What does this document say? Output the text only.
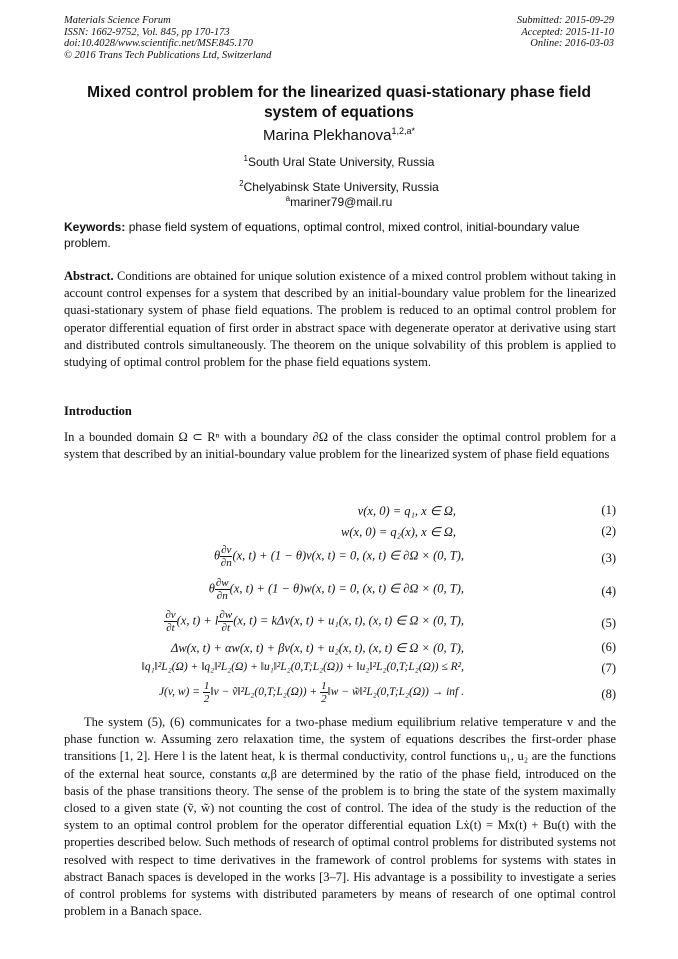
Materials Science Forum
ISSN: 1662-9752, Vol. 845, pp 170-173
doi:10.4028/www.scientific.net/MSF.845.170
© 2016 Trans Tech Publications Ltd, Switzerland
Submitted: 2015-09-29
Accepted: 2015-11-10
Online: 2016-03-03
Mixed control problem for the linearized quasi-stationary phase field system of equations
Marina Plekhanova$^{1,2,a*}$
$^1$South Ural State University, Russia
$^2$Chelyabinsk State University, Russia
$^a$mariner79@mail.ru
Keywords: phase field system of equations, optimal control, mixed control, initial-boundary value problem.
Abstract. Conditions are obtained for unique solution existence of a mixed control problem without taking in account control expenses for a system that described by an initial-boundary value problem for the linearized quasi-stationary system of phase field equations. The problem is reduced to an optimal control problem for operator differential equation of first order in abstract space with degenerate operator at derivative using start and distributed controls simultaneously. The theorem on the unique solvability of this problem is applied to studying of optimal control problem for the phase field equations system.
Introduction
In a bounded domain Ω ⊂ Rⁿ with a boundary ∂Ω of the class consider the optimal control problem for a system that described by an initial-boundary value problem for the linearized system of phase field equations
v(x, 0) = q₁, x ∈ Ω,	(1)
w(x, 0) = q₂(x), x ∈ Ω,	(2)
θ $\frac{\partial v}{\partial n} (x$, t) + (1 − θ)v(x, t) = 0, (x, t) ∈ ∂Ω × (0, T),	(3)
θ $\frac{\partial w}{\partial n} (x$, t) + (1 − θ)w(x, t) = 0, (x, t) ∈ ∂Ω × (0, T),	(4)
$\frac{\partial v}{\partial t} (x$, t) + l $\frac{\partial w}{\partial t} (x$, t) = kΔv(x, t) + u₁(x, t), (x, t) ∈ Ω × (0, T),	(5)
Δw(x, t) + αw(x, t) + βv(x, t) + u₂(x, t), (x, t) ∈ Ω × (0, T),	(6)
‖q₁‖²L₂(Ω) + ‖q₂‖²L₂(Ω) + ‖u₁‖²L₂(0,T;L₂(Ω)) + ‖u₂‖²L₂(0,T;L₂(Ω)) ≤ R²,	(7)
J(v, $w) = \frac{1}{2}$ ‖v − ṽ‖²L₂(0,T;L₂(Ω)) + $\frac{1}{2}$ ‖w − w̃‖²L₂(0,T;L₂(Ω)) → inf .	(8)
The system (5), (6) communicates for a two-phase medium equilibrium relative temperature v and the phase function w. Assuming zero relaxation time, the system of equations describes the first-order phase transitions [1, 2]. Here l is the latent heat, k is thermal conductivity, control functions u₁, u₂ are the functions of the external heat source, constants α,β are determined by the ratio of the phase field, introduced on the basis of the phase transitions theory. The sense of the problem is to bring the state of the system maximally closed to a given state (ṽ, w̃) not counting the cost of control. The idea of the study is the reduction of the system to an optimal control problem for the operator differential equation Lẋ(t) = Mx(t) + Bu(t) with the properties described below. Such methods of research of optimal control problems for distributed systems not resolved with respect to time derivatives in the framework of control problems for systems with states in abstract Banach spaces is developed in the works [3–7]. His advantage is a possibility to investigate a series of control problems for systems with distributed parameters by means of research of one optimal control problem in a Banach space.
